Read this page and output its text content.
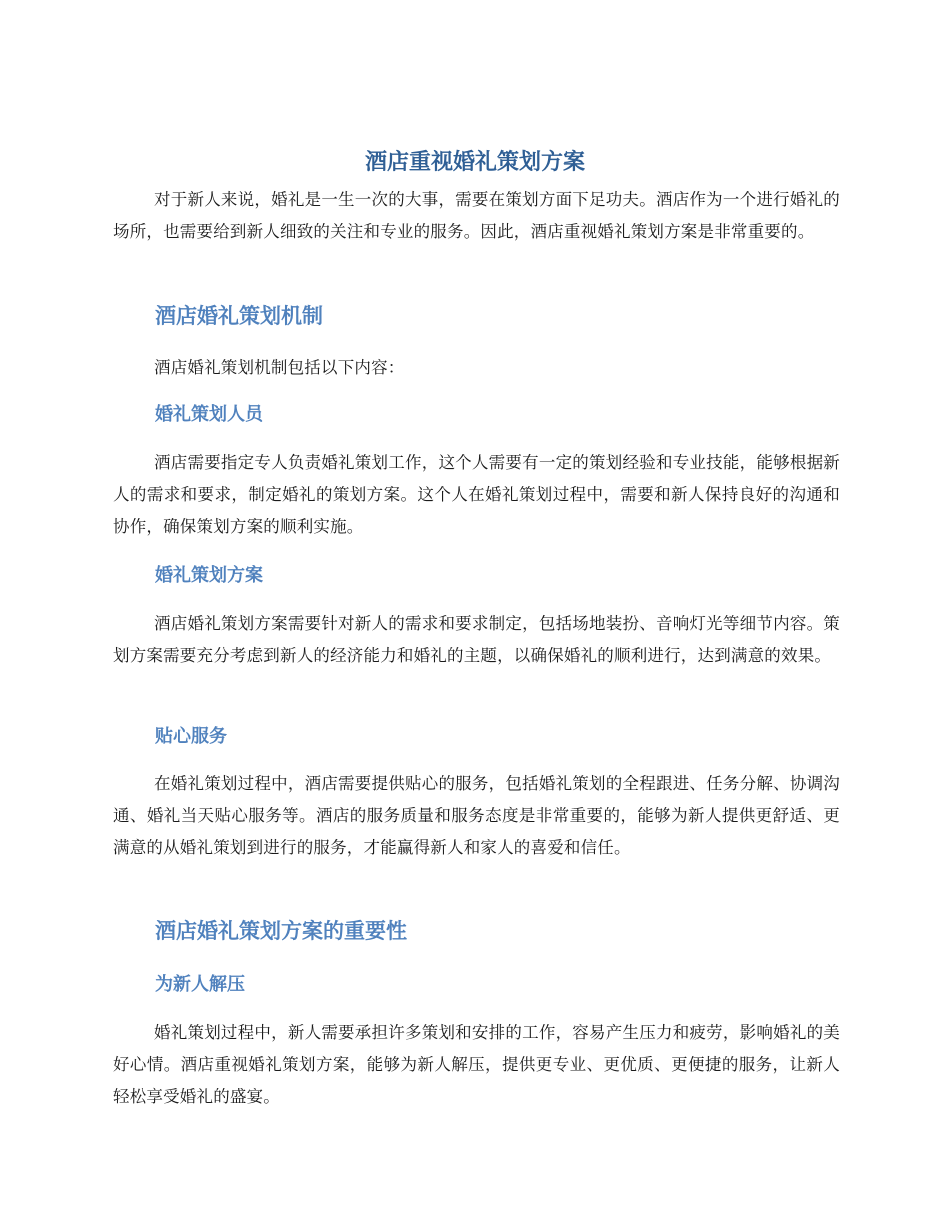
酒店重视婚礼策划方案

对于新人来说，婚礼是一生一次的大事，需要在策划方面下足功夫。酒店作为一个进行婚礼的场所，也需要给到新人细致的关注和专业的服务。因此，酒店重视婚礼策划方案是非常重要的。

酒店婚礼策划机制

酒店婚礼策划机制包括以下内容：

婚礼策划人员

酒店需要指定专人负责婚礼策划工作，这个人需要有一定的策划经验和专业技能，能够根据新人的需求和要求，制定婚礼的策划方案。这个人在婚礼策划过程中，需要和新人保持良好的沟通和协作，确保策划方案的顺利实施。

婚礼策划方案

酒店婚礼策划方案需要针对新人的需求和要求制定，包括场地装扮、音响灯光等细节内容。策划方案需要充分考虑到新人的经济能力和婚礼的主题，以确保婚礼的顺利进行，达到满意的效果。

贴心服务

在婚礼策划过程中，酒店需要提供贴心的服务，包括婚礼策划的全程跟进、任务分解、协调沟通、婚礼当天贴心服务等。酒店的服务质量和服务态度是非常重要的，能够为新人提供更舒适、更满意的从婚礼策划到进行的服务，才能赢得新人和家人的喜爱和信任。

酒店婚礼策划方案的重要性
为新人解压

婚礼策划过程中，新人需要承担许多策划和安排的工作，容易产生压力和疲劳，影响婚礼的美好心情。酒店重视婚礼策划方案，能够为新人解压，提供更专业、更优质、更便捷的服务，让新人轻松享受婚礼的盛宴。
